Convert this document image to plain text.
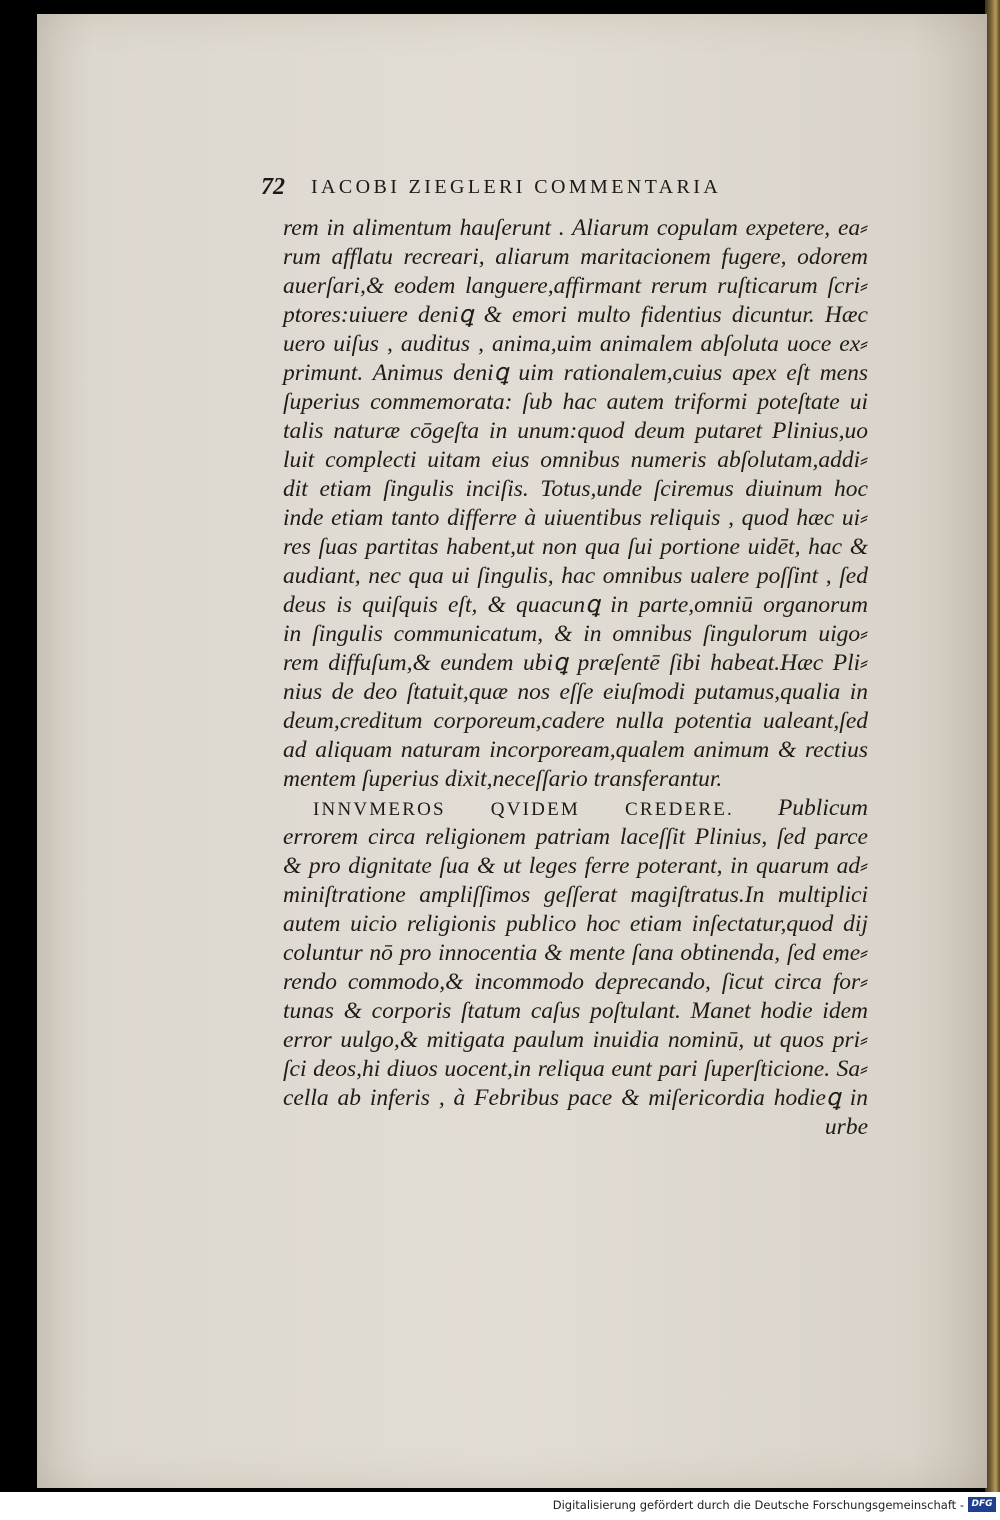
72 IACOBI ZIEGLERI COMMENTARIA
rem in alimentum hauſerunt . Aliarum copulam expetere, ea⸗
rum afflatu recreari, aliarum maritacionem fugere, odorem
auerſari,& eodem languere,affirmant rerum ruſticarum ſcri⸗
ptores:uiuere deniꝗ & emori multo fidentius dicuntur. Hæc
uero uiſus , auditus , anima,uim animalem abſoluta uoce ex⸗
primunt. Animus deniꝗ uim rationalem,cuius apex eſt mens
ſuperius commemorata: ſub hac autem triformi poteſtate ui
talis naturæ cōgeſta in unum:quod deum putaret Plinius,uo
luit complecti uitam eius omnibus numeris abſolutam,addi⸗
dit etiam ſingulis inciſis. Totus,unde ſciremus diuinum hoc
inde etiam tanto differre à uiuentibus reliquis , quod hæc ui⸗
res ſuas partitas habent,ut non qua ſui portione uidēt, hac &
audiant, nec qua ui ſingulis, hac omnibus ualere poſſint , ſed
deus is quiſquis eſt, & quacunꝗ in parte,omniū organorum
in ſingulis communicatum, & in omnibus ſingulorum uigo⸗
rem diffuſum,& eundem ubiꝗ præſentē ſibi habeat.Hæc Pli⸗
nius de deo ſtatuit,quæ nos eſſe eiuſmodi putamus,qualia in
deum,creditum corporeum,cadere nulla potentia ualeant,ſed
ad aliquam naturam incorpoream,qualem animum & rectius
mentem ſuperius dixit,neceſſario transferantur.
INNVMEROS QVIDEM CREDERE. Publicum
errorem circa religionem patriam laceſſit Plinius, ſed parce
& pro dignitate ſua & ut leges ferre poterant, in quarum ad⸗
miniſtratione ampliſſimos geſſerat magiſtratus.In multiplici
autem uicio religionis publico hoc etiam inſectatur,quod dij
coluntur nō pro innocentia & mente ſana obtinenda, ſed eme⸗
rendo commodo,& incommodo deprecando, ſicut circa for⸗
tunas & corporis ſtatum caſus poſtulant. Manet hodie idem
error uulgo,& mitigata paulum inuidia nominū, ut quos pri⸗
ſci deos,hi diuos uocent,in reliqua eunt pari ſuperſticione. Sa⸗
cella ab inferis , à Febribus pace & miſericordia hodieꝗ in
urbe
Digitalisierung gefördert durch die Deutsche Forschungsgemeinschaft - DFG
